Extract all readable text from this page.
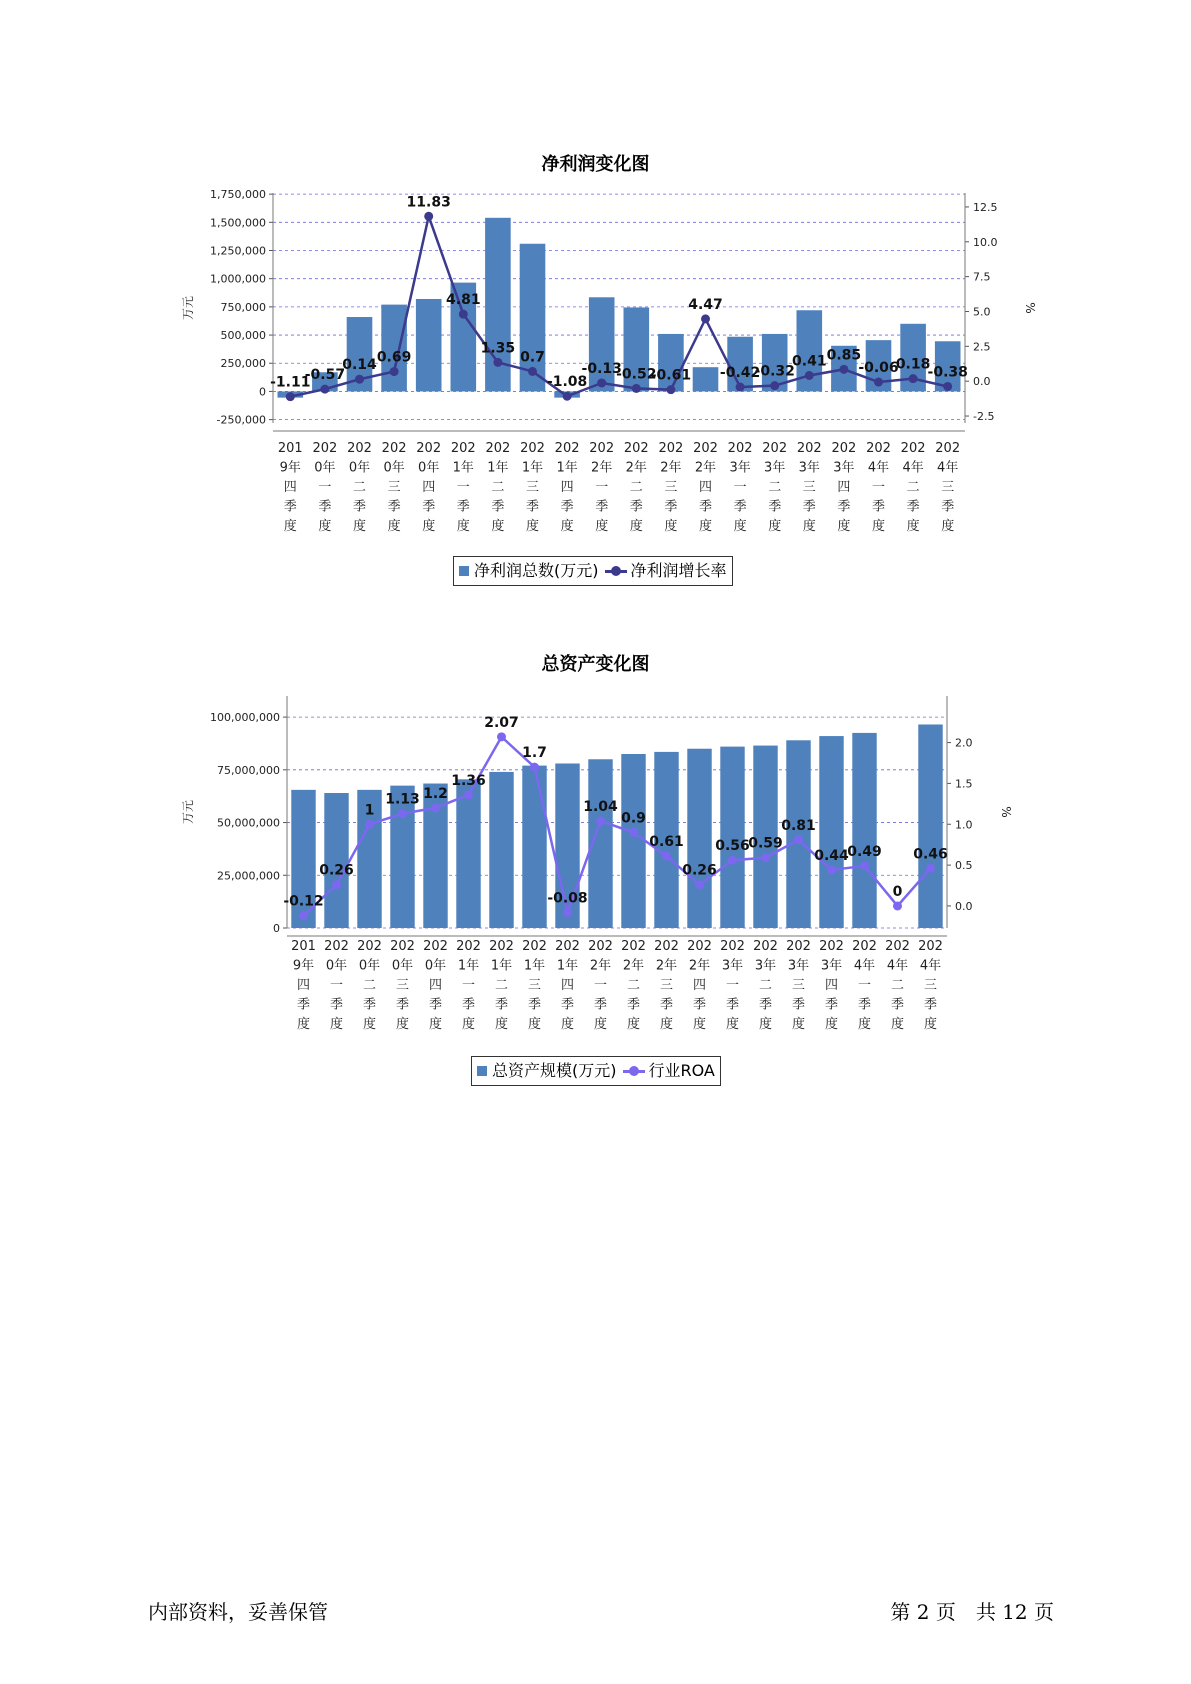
净利润变化图
-250,000
0
250,000
500,000
750,000
1,000,000
1,250,000
1,500,000
1,750,000
-2.5
0.0
2.5
5.0
7.5
10.0
12.5
万元	%
201 9年四季度
202 0年一季度
202 0年二季度
202 0年三季度
202 0年四季度
202 1年一季度
202 1年二季度
202 1年三季度
202 1年四季度
202 2年一季度
202 2年二季度
202 2年三季度
202 2年四季度
202 3年一季度
202 3年二季度
202 3年三季度
202 3年四季度
202 4年一季度
202 4年二季度
202 4年三季度
-1.11
-0.57
0.14 0.69
11.83
4.81
1.35
0.7
-1.08
-0.13
-0.52
-0.61
4.47
-0.42
-0.32
0.41 0.85
-0.06
0.18
-0.38
净利润总数(万元) 净利润增长率
总资产变化图
0
25,000,000
50,000,000
75,000,000
100,000,000
0.0
0.5
1.0
1.5
2.0
万元	%
201 9年四季度
202 0年一季度
202 0年二季度
202 0年三季度
202 0年四季度
202 1年一季度
202 1年二季度
202 1年三季度
202 1年四季度
202 2年一季度
202 2年二季度
202 2年三季度
202 2年四季度
202 3年一季度
202 3年二季度
202 3年三季度
202 3年四季度
202 4年一季度
202 4年二季度
202 4年三季度
-0.12
0.26
1
1.13 1.2
1.36
2.07
1.7
-0.08
1.04
0.9
0.61
0.26
0.56
0.59
0.81
0.44
0.49
0
0.46
总资产规模(万元) 行业ROA
内部资料，妥善保管	第 2 页　共 12 页
